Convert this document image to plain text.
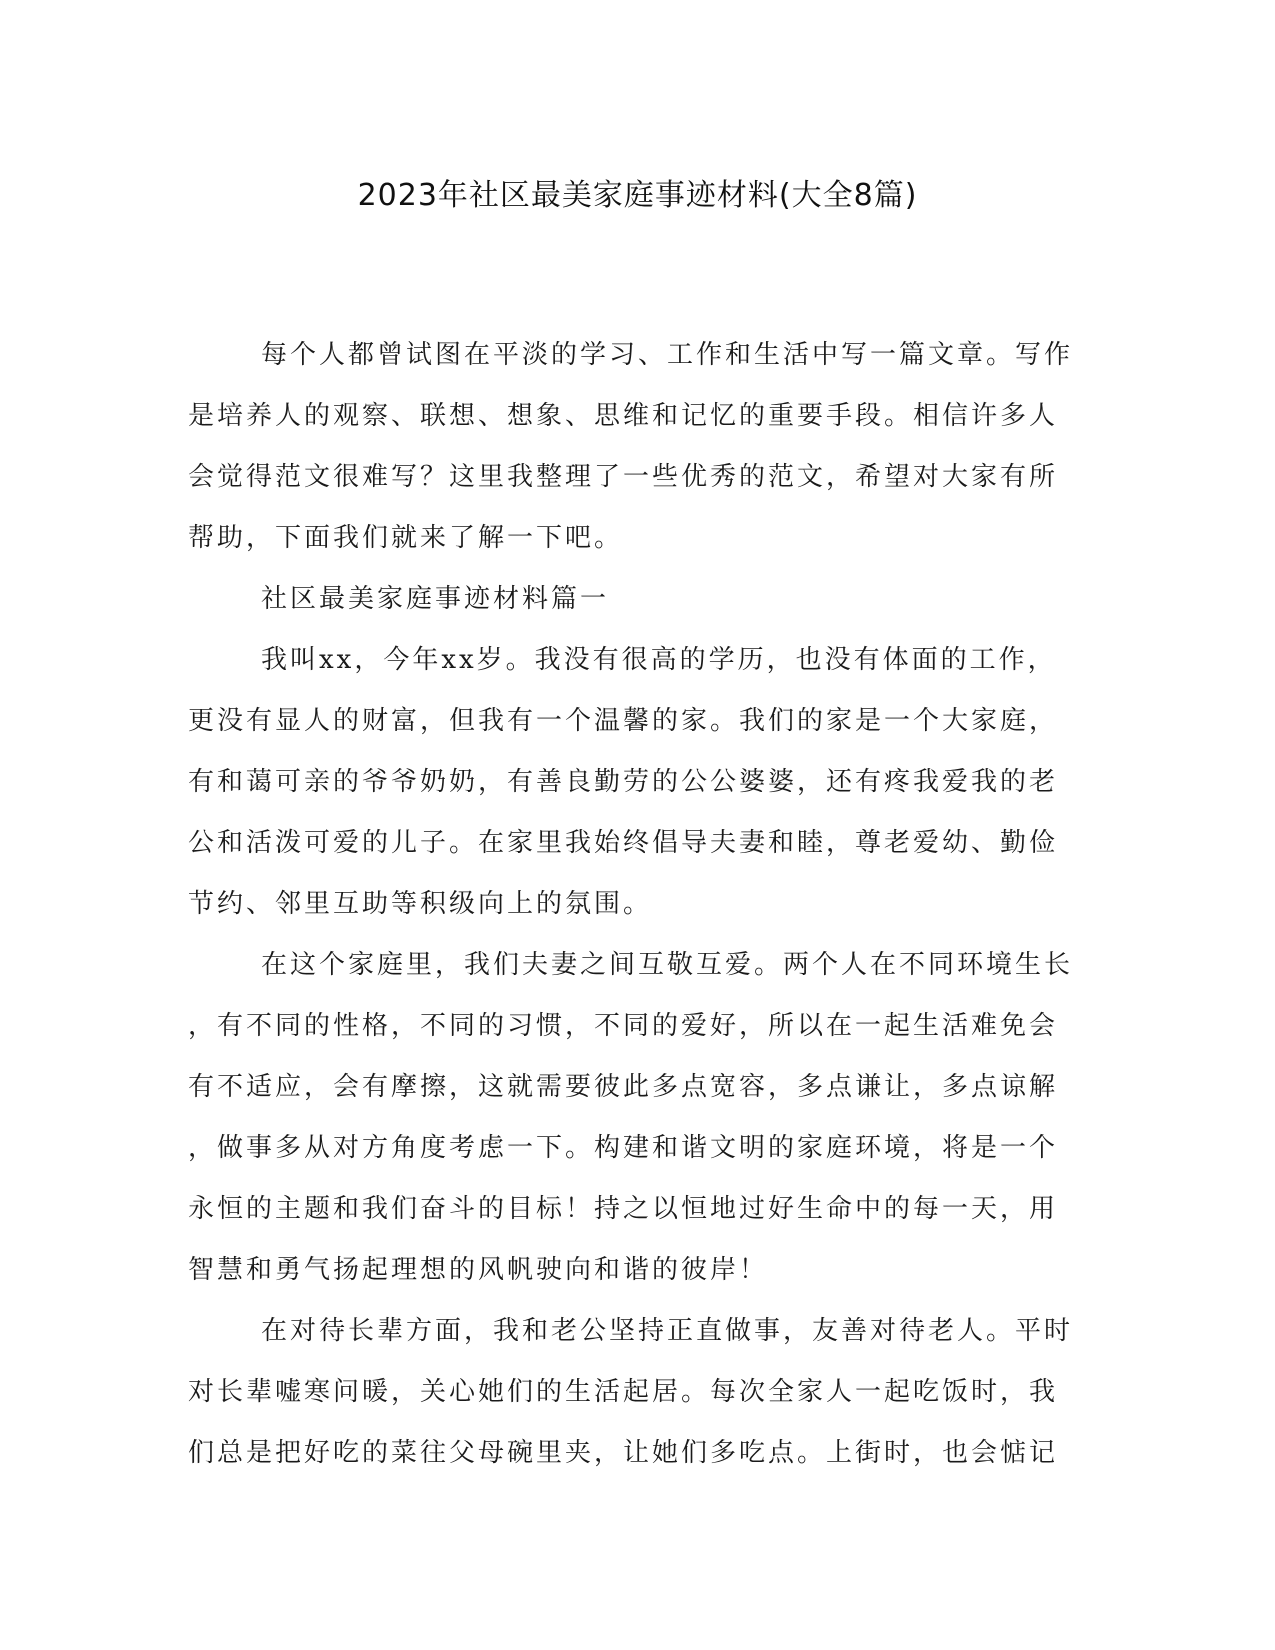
2023年社区最美家庭事迹材料(大全8篇)
每个人都曾试图在平淡的学习、工作和生活中写一篇文章。写作
是培养人的观察、联想、想象、思维和记忆的重要手段。相信许多人
会觉得范文很难写？这里我整理了一些优秀的范文，希望对大家有所
帮助，下面我们就来了解一下吧。
社区最美家庭事迹材料篇一
我叫xx，今年xx岁。我没有很高的学历，也没有体面的工作，
更没有显人的财富，但我有一个温馨的家。我们的家是一个大家庭，
有和蔼可亲的爷爷奶奶，有善良勤劳的公公婆婆，还有疼我爱我的老
公和活泼可爱的儿子。在家里我始终倡导夫妻和睦，尊老爱幼、勤俭
节约、邻里互助等积级向上的氛围。
在这个家庭里，我们夫妻之间互敬互爱。两个人在不同环境生长
，有不同的性格，不同的习惯，不同的爱好，所以在一起生活难免会
有不适应，会有摩擦，这就需要彼此多点宽容，多点谦让，多点谅解
，做事多从对方角度考虑一下。构建和谐文明的家庭环境，将是一个
永恒的主题和我们奋斗的目标！持之以恒地过好生命中的每一天，用
智慧和勇气扬起理想的风帆驶向和谐的彼岸！
在对待长辈方面，我和老公坚持正直做事，友善对待老人。平时
对长辈嘘寒问暖，关心她们的生活起居。每次全家人一起吃饭时，我
们总是把好吃的菜往父母碗里夹，让她们多吃点。上街时，也会惦记
